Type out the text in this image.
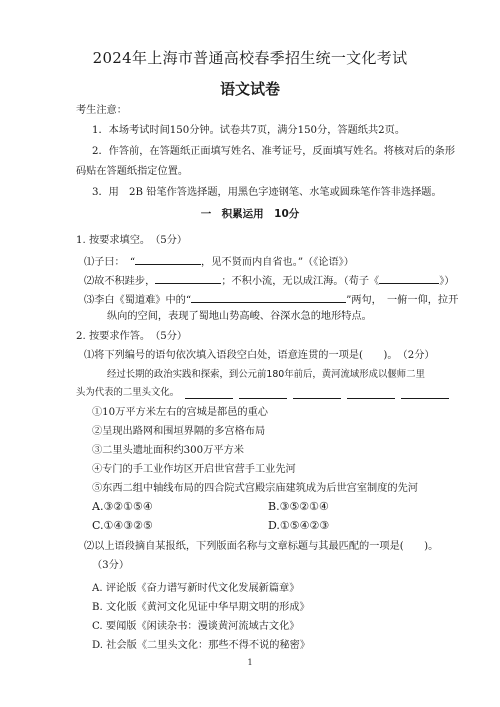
2024年上海市普通高校春季招生统一文化考试
语文试卷
考生注意：
1．本场考试时间150分钟。试卷共7页，满分150分，答题纸共2页。
2．作答前，在答题纸正面填写姓名、准考证号，反面填写姓名。将核对后的条形
码贴在答题纸指定位置。
3．用　2B 铅笔作答选择题，用黑色字迹钢笔、水笔或圆珠笔作答非选择题。
一　积累运用　10分
1. 按要求填空。　（5分）
⑴子曰：　“	，见不贤而内自省也。”（《论语》）
⑵故不积跬步，	；不积小流，无以成江海。（荀子《	》）
⑶李白《蜀道难》中的“	”两句，　一俯一仰，拉开
纵向的空间，表现了蜀地山势高峻、谷深水急的地形特点。
2. 按要求作答。　（5分）
⑴将下列编号的语句依次填入语段空白处，语意连贯的一项是(　　)。　（2分）
经过长期的政治实践和探索，到公元前180年前后，黄河流域形成以偃师二里
头为代表的二里头文化。
①10万平方米左右的宫城是都邑的重心
②呈现出路网和围垣界隔的多宫格布局
③二里头遗址面积约300万平方米
④专门的手工业作坊区开启世官营手工业先河
⑤东西二组中轴线布局的四合院式宫殿宗庙建筑成为后世宫室制度的先河
A.③②①⑤④	B.③⑤②①④
C.①④③②⑤	D.①⑤④②③
⑵以上语段摘自某报纸，下列版面名称与文章标题与其最匹配的一项是(　　)。
（3分）
A. 评论版《奋力谱写新时代文化发展新篇章》
B. 文化版《黄河文化见证中华早期文明的形成》
C. 要闻版《闲读杂书：漫谈黄河流域古文化》
D. 社会版《二里头文化：那些不得不说的秘密》
1
